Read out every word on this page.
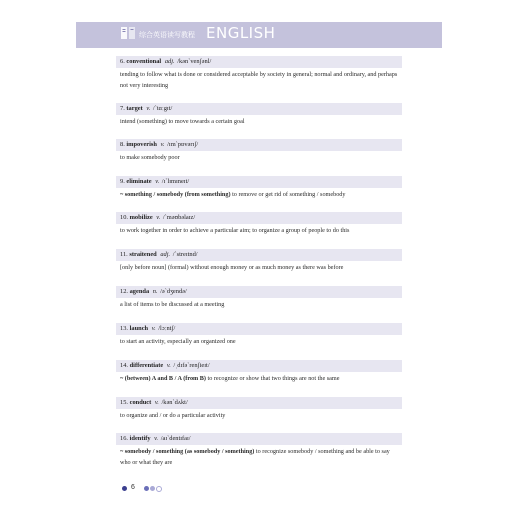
综合英语读写教程 ENGLISH
6. conventional adj. /kən`venʃənl/
tending to follow what is done or considered acceptable by society in general; normal and ordinary, and perhaps not very interesting
7. target v. /`tɑːgɪt/
intend (something) to move towards a certain goal
8. impoverish v. /ɪm`pɒvərɪʃ/
to make somebody poor
9. eliminate v. /ɪ`lɪmɪneɪt/
~ something / somebody (from something) to remove or get rid of something / somebody
10. mobilize v. /`məʊbəlaɪz/
to work together in order to achieve a particular aim; to organize a group of people to do this
11. straitened adj. /`streɪtnd/
[only before noun] (formal) without enough money or as much money as there was before
12. agenda n. /ə`dʒendə/
a list of items to be discussed at a meeting
13. launch v. /lɔːntʃ/
to start an activity, especially an organized one
14. differentiate v. /ˌdɪfə`renʃieɪt/
~ (between) A and B / A (from B) to recognize or show that two things are not the same
15. conduct v. /kən`dʌkt/
to organize and / or do a particular activity
16. identify v. /aɪ`dentɪfaɪ/
~ somebody / something (as somebody / something) to recognize somebody / something and be able to say who or what they are
6
